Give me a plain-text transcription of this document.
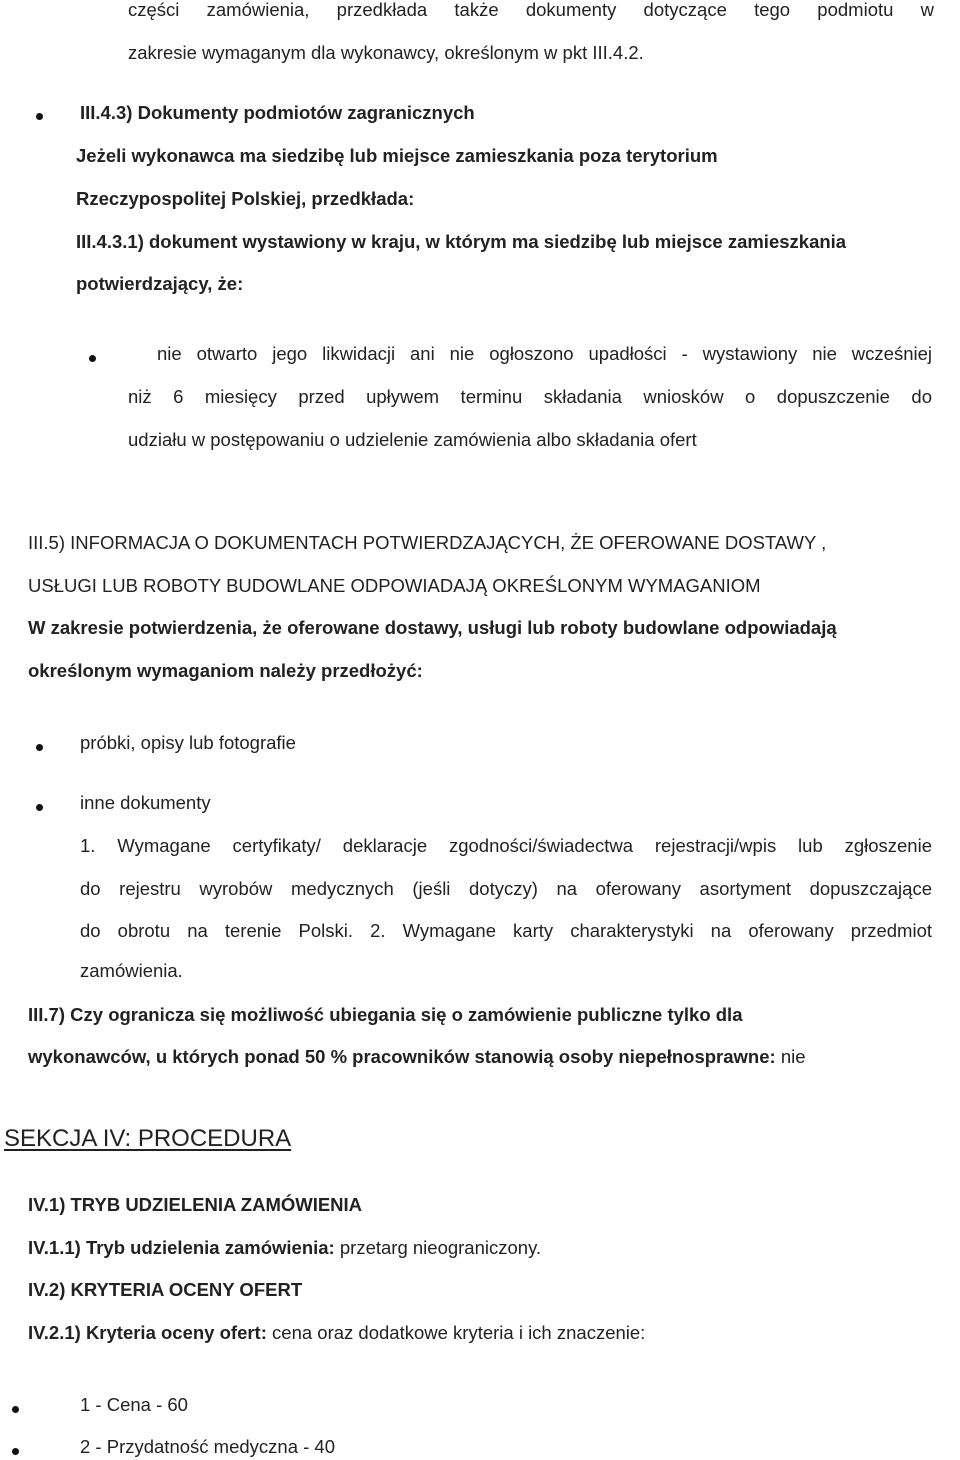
części zamówienia, przedkłada także dokumenty dotyczące tego podmiotu w
zakresie wymaganym dla wykonawcy, określonym w pkt III.4.2.
III.4.3) Dokumenty podmiotów zagranicznych
Jeżeli wykonawca ma siedzibę lub miejsce zamieszkania poza terytorium
Rzeczypospolitej Polskiej, przedkłada:
III.4.3.1) dokument wystawiony w kraju, w którym ma siedzibę lub miejsce zamieszkania
potwierdzający, że:
nie otwarto jego likwidacji ani nie ogłoszono upadłości - wystawiony nie wcześniej
niż 6 miesięcy przed upływem terminu składania wniosków o dopuszczenie do
udziału w postępowaniu o udzielenie zamówienia albo składania ofert
III.5) INFORMACJA O DOKUMENTACH POTWIERDZAJĄCYCH, ŻE OFEROWANE DOSTAWY ,
USŁUGI LUB ROBOTY BUDOWLANE ODPOWIADAJĄ OKREŚLONYM WYMAGANIOM
W zakresie potwierdzenia, że oferowane dostawy, usługi lub roboty budowlane odpowiadają
określonym wymaganiom należy przedłożyć:
próbki, opisy lub fotografie
inne dokumenty
1. Wymagane certyfikaty/ deklaracje zgodności/świadectwa rejestracji/wpis lub zgłoszenie
do rejestru wyrobów medycznych (jeśli dotyczy) na oferowany asortyment dopuszczające
do obrotu na terenie Polski. 2. Wymagane karty charakterystyki na oferowany przedmiot
zamówienia.
III.7) Czy ogranicza się możliwość ubiegania się o zamówienie publiczne tylko dla
wykonawców, u których ponad 50 % pracowników stanowią osoby niepełnosprawne: nie
SEKCJA IV: PROCEDURA
IV.1) TRYB UDZIELENIA ZAMÓWIENIA
IV.1.1) Tryb udzielenia zamówienia: przetarg nieograniczony.
IV.2) KRYTERIA OCENY OFERT
IV.2.1) Kryteria oceny ofert: cena oraz dodatkowe kryteria i ich znaczenie:
1 - Cena - 60
2 - Przydatność medyczna - 40
